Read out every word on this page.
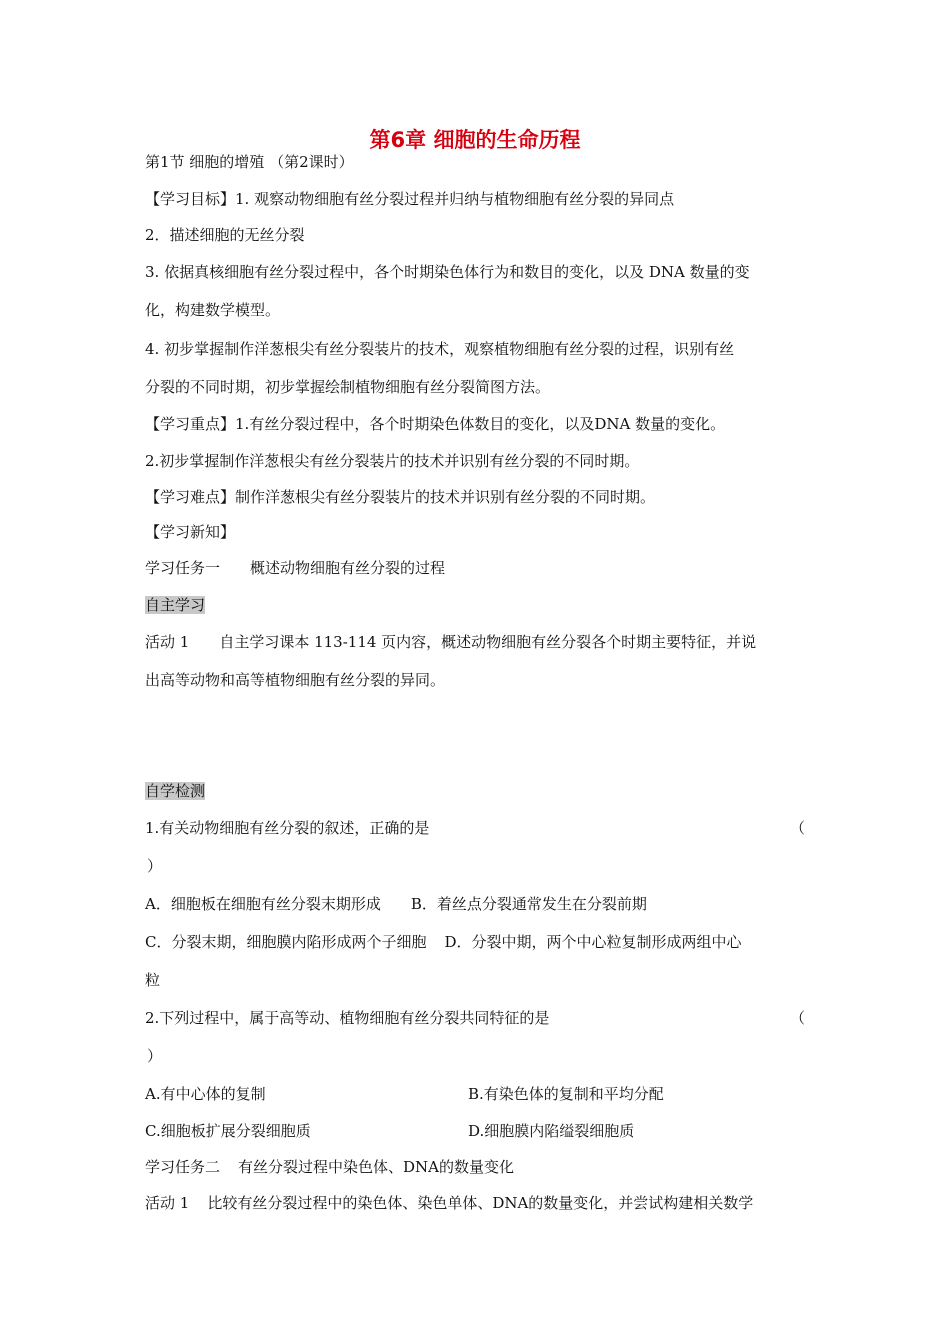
第6章 细胞的生命历程
第1节 细胞的增殖 （第2课时）
【学习目标】1. 观察动物细胞有丝分裂过程并归纳与植物细胞有丝分裂的异同点
2．描述细胞的无丝分裂
3. 依据真核细胞有丝分裂过程中，各个时期染色体行为和数目的变化，以及 DNA 数量的变
化，构建数学模型。
4. 初步掌握制作洋葱根尖有丝分裂装片的技术，观察植物细胞有丝分裂的过程，识别有丝
分裂的不同时期，初步掌握绘制植物细胞有丝分裂简图方法。
【学习重点】1.有丝分裂过程中，各个时期染色体数目的变化，以及DNA 数量的变化。
2.初步掌握制作洋葱根尖有丝分裂装片的技术并识别有丝分裂的不同时期。
【学习难点】制作洋葱根尖有丝分裂装片的技术并识别有丝分裂的不同时期。
【学习新知】
学习任务一 概述动物细胞有丝分裂的过程
自主学习
活动 1 自主学习课本 113-114 页内容，概述动物细胞有丝分裂各个时期主要特征，并说
出高等动物和高等植物细胞有丝分裂的异同。
自学检测
1.有关动物细胞有丝分裂的叙述，正确的是	（
）
A．细胞板在细胞有丝分裂末期形成 B．着丝点分裂通常发生在分裂前期
C．分裂末期，细胞膜内陷形成两个子细胞 D．分裂中期，两个中心粒复制形成两组中心
粒
2.下列过程中，属于高等动、植物细胞有丝分裂共同特征的是	（
）
A.有中心体的复制	B.有染色体的复制和平均分配
C.细胞板扩展分裂细胞质	D.细胞膜内陷缢裂细胞质
学习任务二 有丝分裂过程中染色体、DNA的数量变化
活动 1 比较有丝分裂过程中的染色体、染色单体、DNA的数量变化，并尝试构建相关数学
